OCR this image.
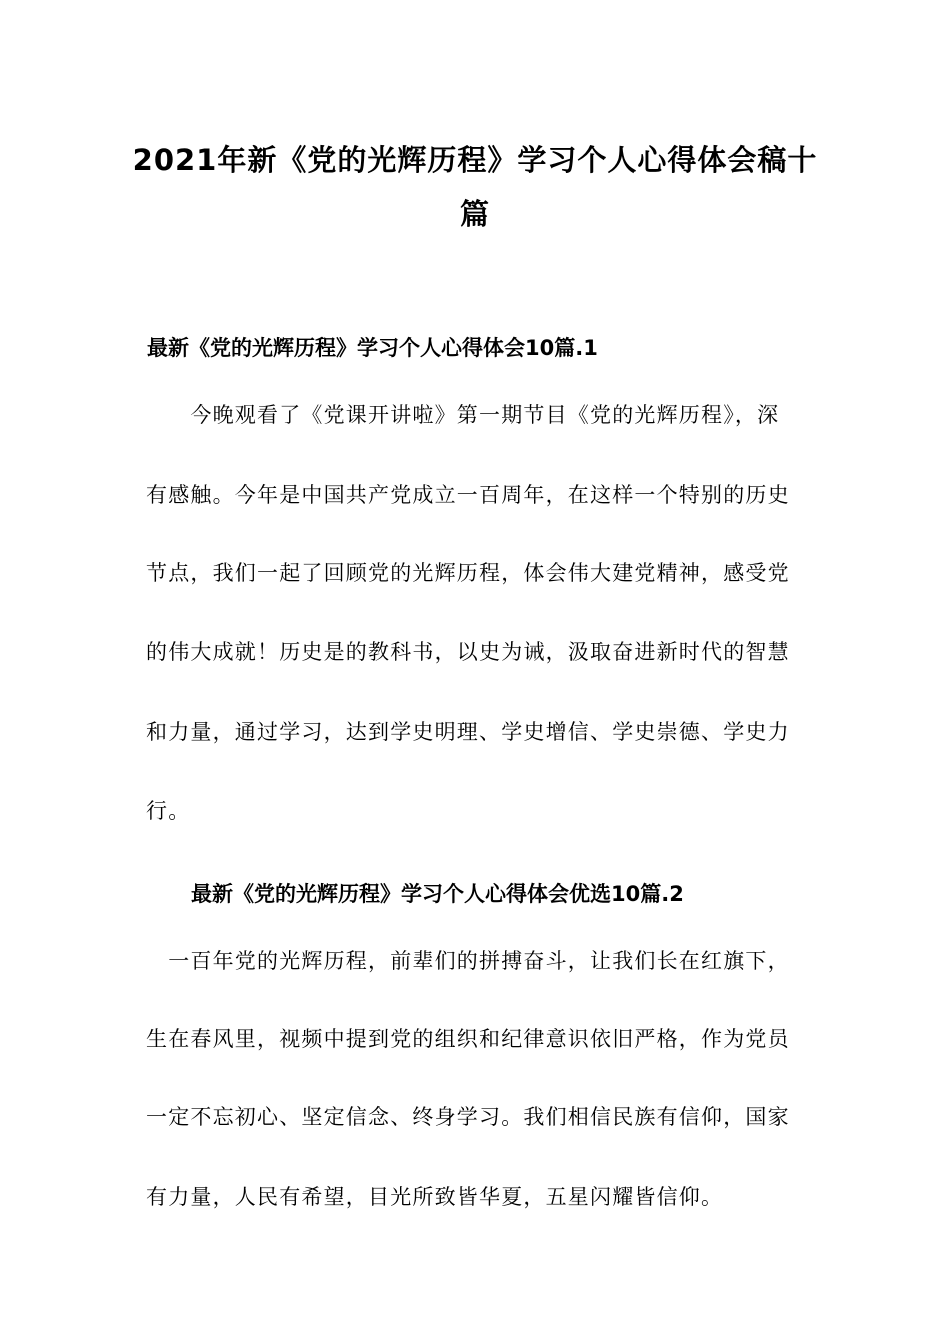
2021年新《党的光辉历程》学习个人心得体会稿十
篇
最新《党的光辉历程》学习个人心得体会10篇.1
　　今晚观看了《党课开讲啦》第一期节目《党的光辉历程》，深
有感触。今年是中国共产党成立一百周年，在这样一个特别的历史
节点，我们一起了回顾党的光辉历程，体会伟大建党精神，感受党
的伟大成就！历史是的教科书，以史为诫，汲取奋进新时代的智慧
和力量，通过学习，达到学史明理、学史增信、学史崇德、学史力
行。
最新《党的光辉历程》学习个人心得体会优选10篇.2
　一百年党的光辉历程，前辈们的拼搏奋斗，让我们长在红旗下，
生在春风里，视频中提到党的组织和纪律意识依旧严格，作为党员
一定不忘初心、坚定信念、终身学习。我们相信民族有信仰，国家
有力量，人民有希望，目光所致皆华夏，五星闪耀皆信仰。
